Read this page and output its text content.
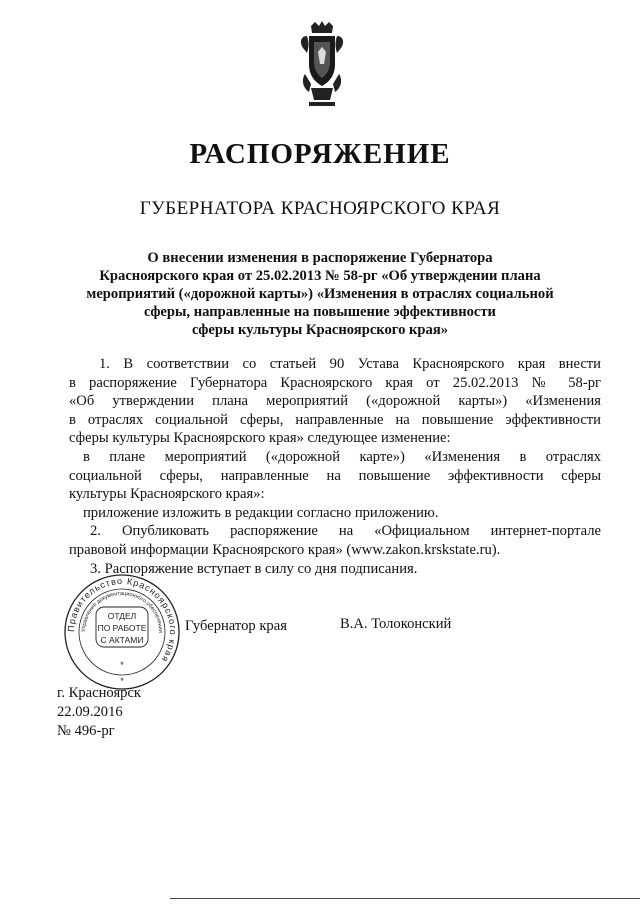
РАСПОРЯЖЕНИЕ
ГУБЕРНАТОРА КРАСНОЯРСКОГО КРАЯ
О внесении изменения в распоряжение Губернатора
Красноярского края от 25.02.2013 № 58-рг «Об утверждении плана
мероприятий («дорожной карты») «Изменения в отраслях социальной
сферы, направленные на повышение эффективности
сферы культуры Красноярского края»
1. В соответствии со статьей 90 Устава Красноярского края внести
в распоряжение Губернатора Красноярского края от 25.02.2013 № 58-рг
«Об утверждении плана мероприятий («дорожной карты») «Изменения
в отраслях социальной сферы, направленные на повышение эффективности
сферы культуры Красноярского края» следующее изменение:
в плане мероприятий («дорожной карте») «Изменения в отраслях
социальной сферы, направленные на повышение эффективности сферы
культуры Красноярского края»:
приложение изложить в редакции согласно приложению.
2. Опубликовать распоряжение на «Официальном интернет-портале
правовой информации Красноярского края» (www.zakon.krskstate.ru).
3. Распоряжение вступает в силу со дня подписания.
Правительство Красноярского края
Управление документационного обеспечения
ОТДЕЛ
ПО РАБОТЕ
С АКТАМИ
*
*
Губернатор края	В.А. Толоконский
г. Красноярск
22.09.2016
№ 496-рг
